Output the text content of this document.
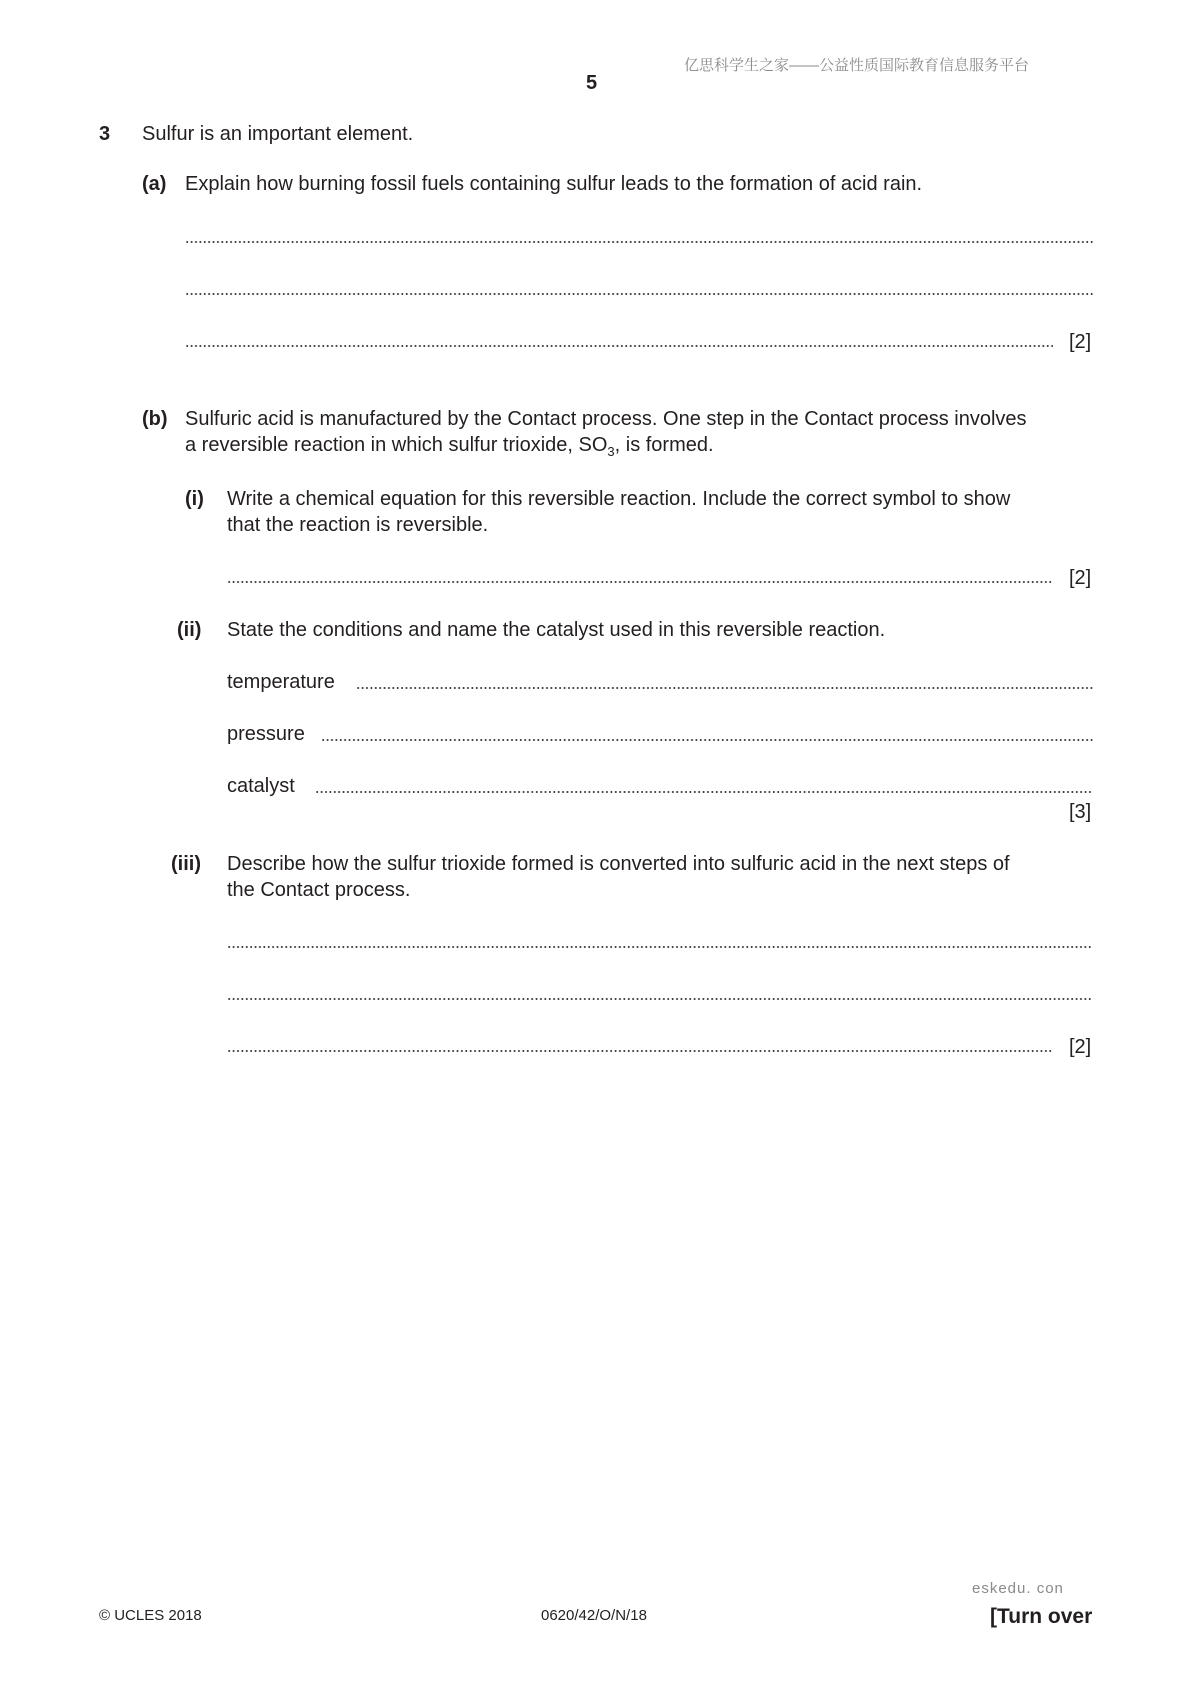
亿思科学生之家——公益性质国际教育信息服务平台
5
3 Sulfur is an important element.
(a) Explain how burning fossil fuels containing sulfur leads to the formation of acid rain.
[2]
(b) Sulfuric acid is manufactured by the Contact process. One step in the Contact process involves
a reversible reaction in which sulfur trioxide, $SO_3$, is formed.
(i) Write a chemical equation for this reversible reaction. Include the correct symbol to show
that the reaction is reversible.
[2]
(ii) State the conditions and name the catalyst used in this reversible reaction.
temperature
pressure
catalyst
[3]
(iii) Describe how the sulfur trioxide formed is converted into sulfuric acid in the next steps of
the Contact process.
[2]
© UCLES 2018	0620/42/O/N/18
eskedu. con
[Turn over
